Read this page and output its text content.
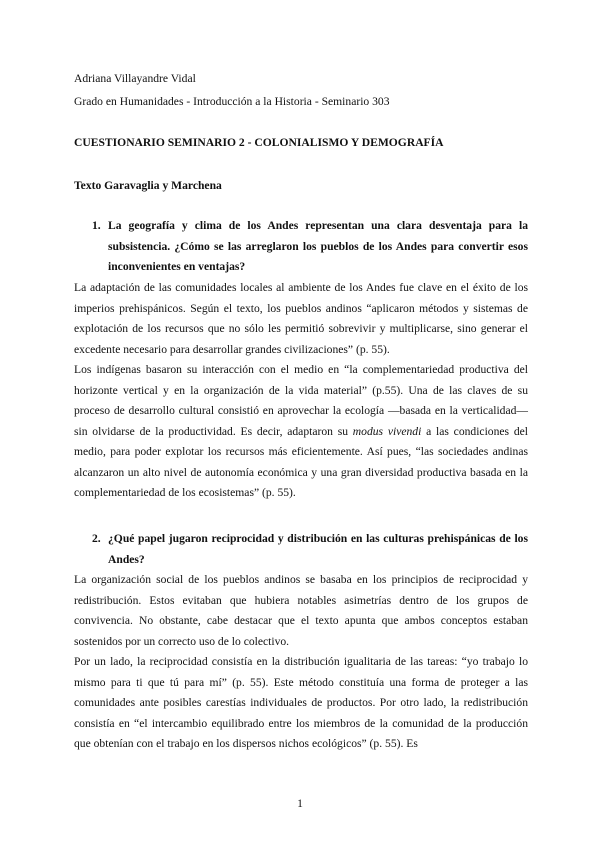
Adriana Villayandre Vidal
Grado en Humanidades - Introducción a la Historia - Seminario 303
CUESTIONARIO SEMINARIO 2 - COLONIALISMO Y DEMOGRAFÍA
Texto Garavaglia y Marchena
1. La geografía y clima de los Andes representan una clara desventaja para la subsistencia. ¿Cómo se las arreglaron los pueblos de los Andes para convertir esos inconvenientes en ventajas?

La adaptación de las comunidades locales al ambiente de los Andes fue clave en el éxito de los imperios prehispánicos. Según el texto, los pueblos andinos “aplicaron métodos y sistemas de explotación de los recursos que no sólo les permitió sobrevivir y multiplicarse, sino generar el excedente necesario para desarrollar grandes civilizaciones” (p. 55).

Los indígenas basaron su interacción con el medio en “la complementariedad productiva del horizonte vertical y en la organización de la vida material” (p.55). Una de las claves de su proceso de desarrollo cultural consistió en aprovechar la ecología —basada en la verticalidad— sin olvidarse de la productividad. Es decir, adaptaron su modus vivendi a las condiciones del medio, para poder explotar los recursos más eficientemente. Así pues, “las sociedades andinas alcanzaron un alto nivel de autonomía económica y una gran diversidad productiva basada en la complementariedad de los ecosistemas” (p. 55).

2. ¿Qué papel jugaron reciprocidad y distribución en las culturas prehispánicas de los Andes?

La organización social de los pueblos andinos se basaba en los principios de reciprocidad y redistribución. Estos evitaban que hubiera notables asimetrías dentro de los grupos de convivencia. No obstante, cabe destacar que el texto apunta que ambos conceptos estaban sostenidos por un correcto uso de lo colectivo.

Por un lado, la reciprocidad consistía en la distribución igualitaria de las tareas: “yo trabajo lo mismo para ti que tú para mí” (p. 55). Este método constituía una forma de proteger a las comunidades ante posibles carestías individuales de productos. Por otro lado, la redistribución consistía en “el intercambio equilibrado entre los miembros de la comunidad de la producción que obtenían con el trabajo en los dispersos nichos ecológicos” (p. 55). Es

1
